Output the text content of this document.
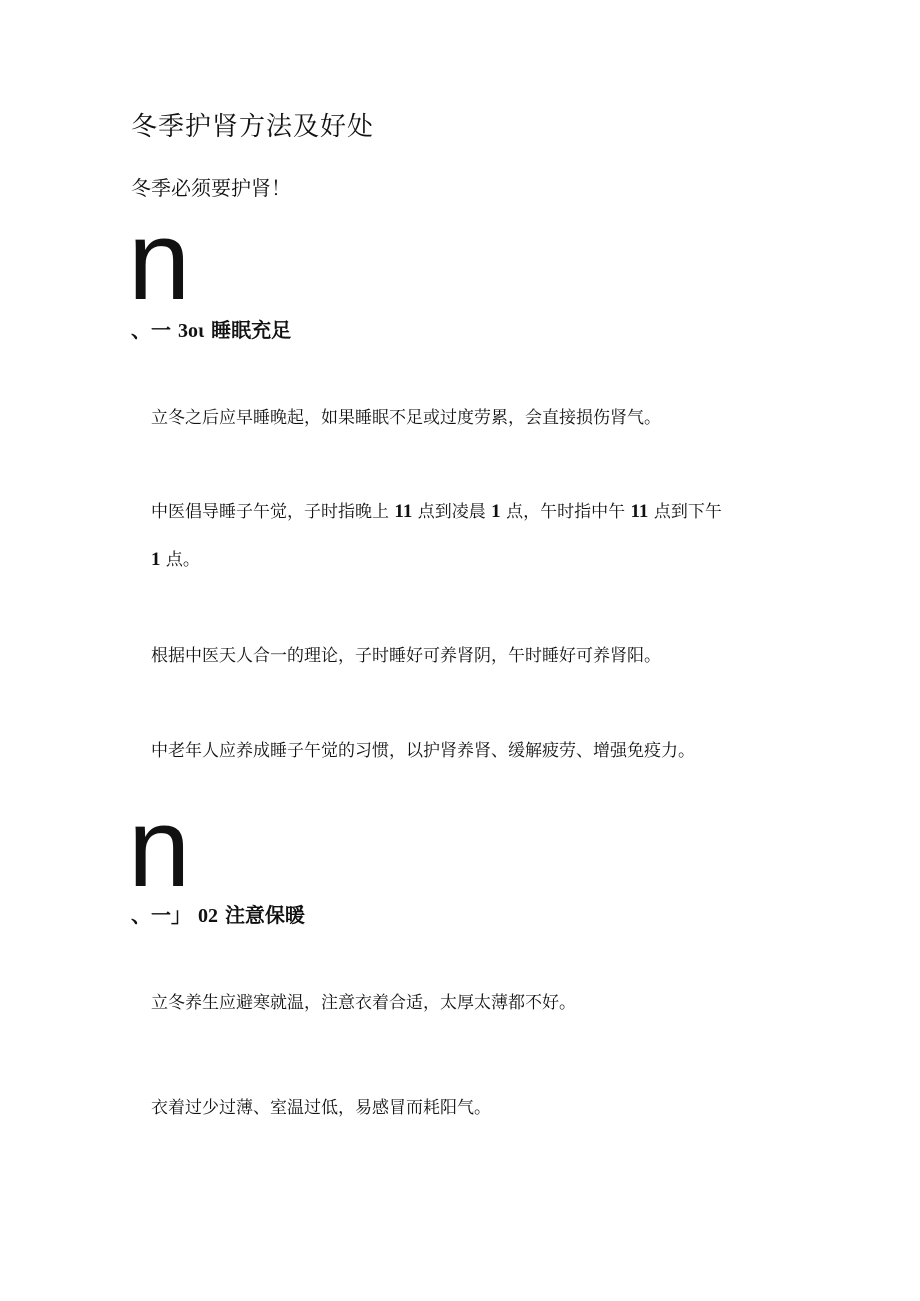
冬季护肾方法及好处

冬季必须要护肾！

n
、一 3oι 睡眠充足

立冬之后应早睡晚起，如果睡眠不足或过度劳累，会直接损伤肾气。

中医倡导睡子午觉，子时指晚上 11 点到凌晨 1 点，午时指中午 11 点到下午

1 点。

根据中医天人合一的理论，子时睡好可养肾阴，午时睡好可养肾阳。

中老年人应养成睡子午觉的习惯，以护肾养肾、缓解疲劳、增强免疫力。

n
、一」 02 注意保暖

立冬养生应避寒就温，注意衣着合适，太厚太薄都不好。

衣着过少过薄、室温过低，易感冒而耗阳气。
